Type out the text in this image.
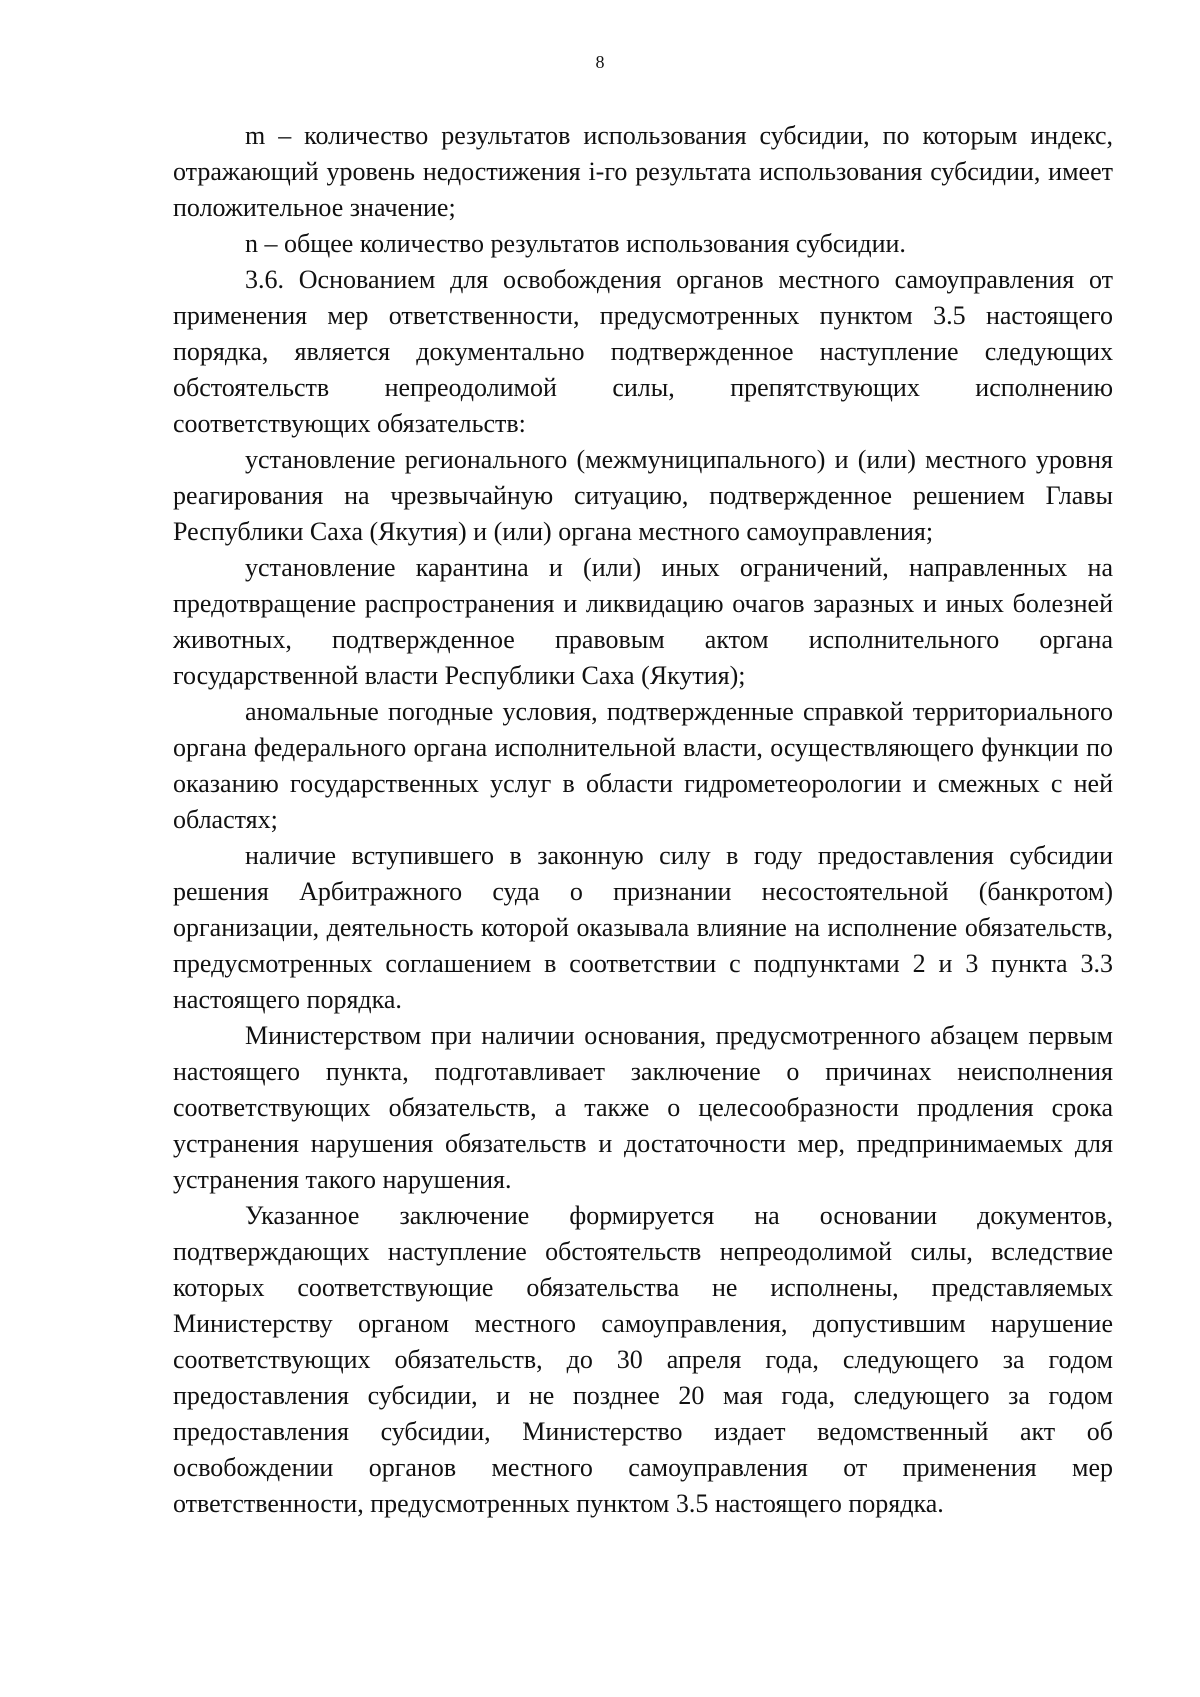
8

m – количество результатов использования субсидии, по которым индекс, отражающий уровень недостижения i-го результата использования субсидии, имеет положительное значение;

n – общее количество результатов использования субсидии.

3.6. Основанием для освобождения органов местного самоуправления от применения мер ответственности, предусмотренных пунктом 3.5 настоящего порядка, является документально подтвержденное наступление следующих обстоятельств непреодолимой силы, препятствующих исполнению соответствующих обязательств:

установление регионального (межмуниципального) и (или) местного уровня реагирования на чрезвычайную ситуацию, подтвержденное решением Главы Республики Саха (Якутия) и (или) органа местного самоуправления;

установление карантина и (или) иных ограничений, направленных на предотвращение распространения и ликвидацию очагов заразных и иных болезней животных, подтвержденное правовым актом исполнительного органа государственной власти Республики Саха (Якутия);

аномальные погодные условия, подтвержденные справкой территориального органа федерального органа исполнительной власти, осуществляющего функции по оказанию государственных услуг в области гидрометеорологии и смежных с ней областях;

наличие вступившего в законную силу в году предоставления субсидии решения Арбитражного суда о признании несостоятельной (банкротом) организации, деятельность которой оказывала влияние на исполнение обязательств, предусмотренных соглашением в соответствии с подпунктами 2 и 3 пункта 3.3 настоящего порядка.

Министерством при наличии основания, предусмотренного абзацем первым настоящего пункта, подготавливает заключение о причинах неисполнения соответствующих обязательств, а также о целесообразности продления срока устранения нарушения обязательств и достаточности мер, предпринимаемых для устранения такого нарушения.

Указанное заключение формируется на основании документов, подтверждающих наступление обстоятельств непреодолимой силы, вследствие которых соответствующие обязательства не исполнены, представляемых Министерству органом местного самоуправления, допустившим нарушение соответствующих обязательств, до 30 апреля года, следующего за годом предоставления субсидии, и не позднее 20 мая года, следующего за годом предоставления субсидии, Министерство издает ведомственный акт об освобождении органов местного самоуправления от применения мер ответственности, предусмотренных пунктом 3.5 настоящего порядка.
